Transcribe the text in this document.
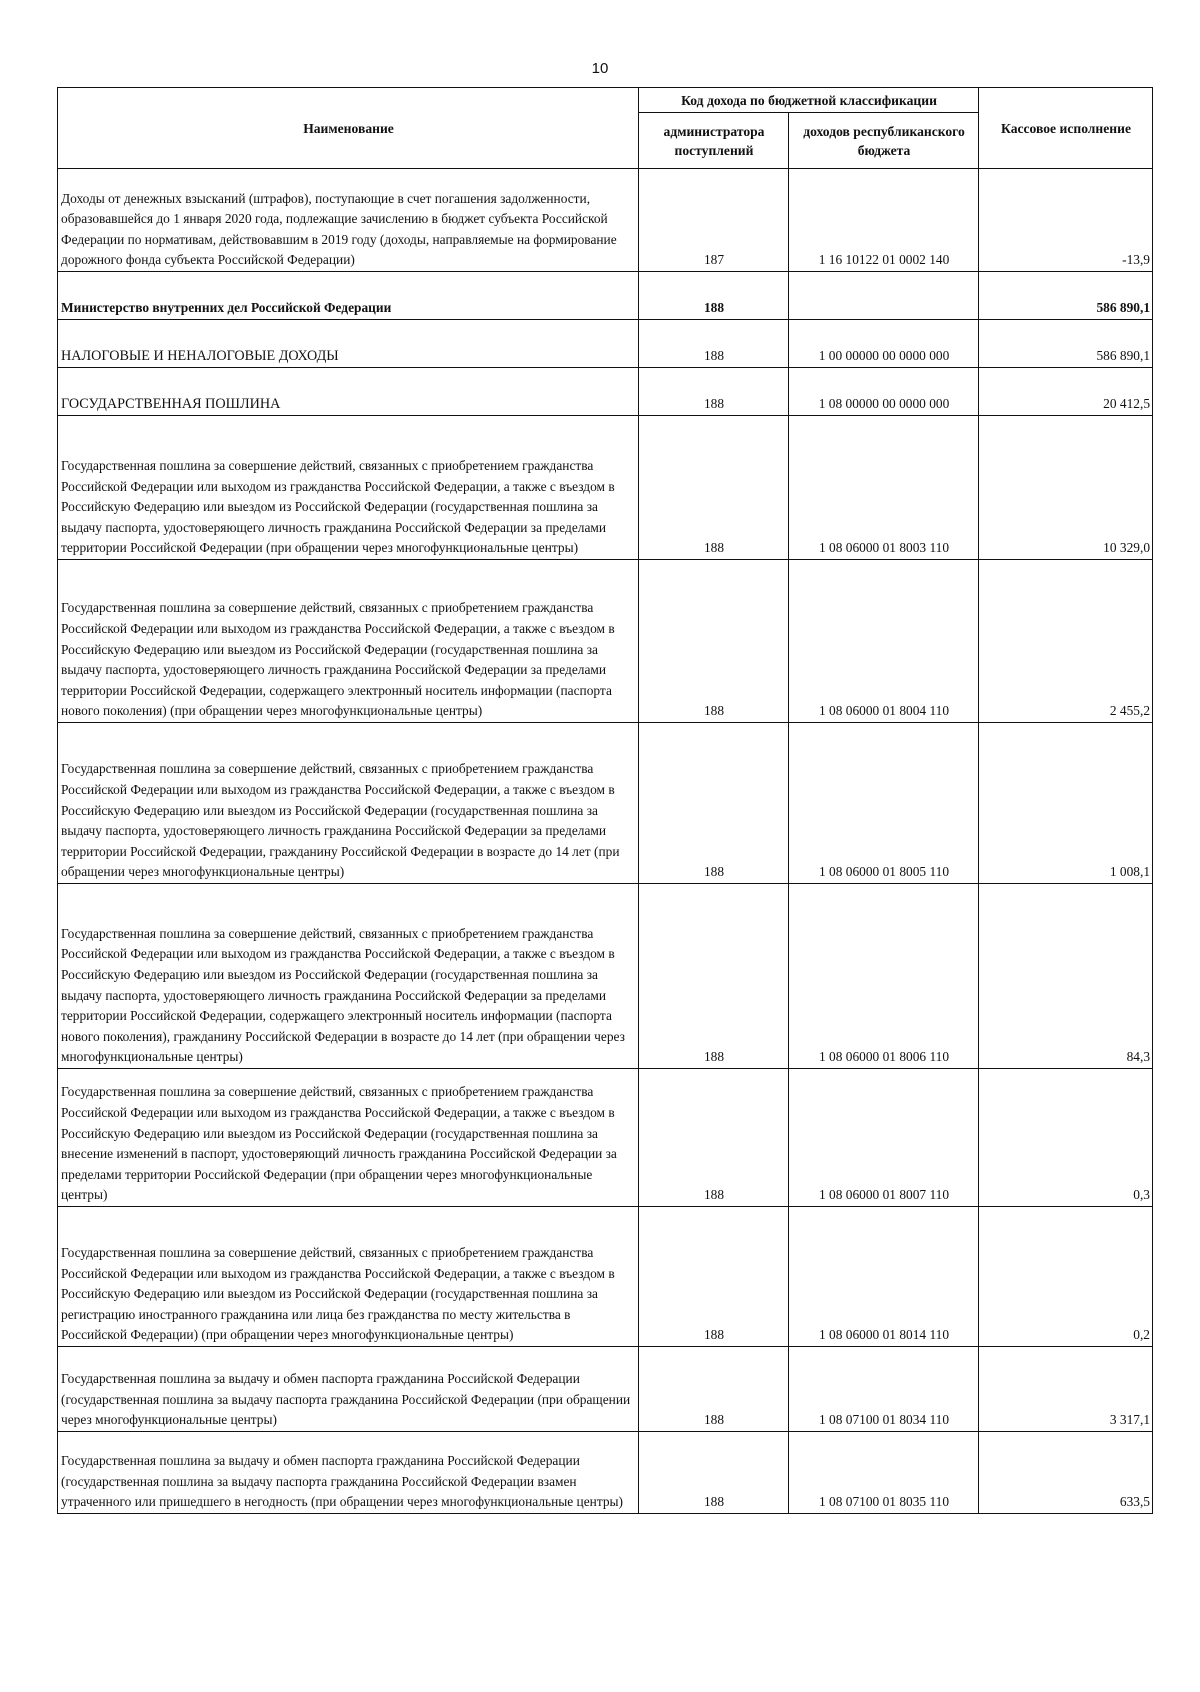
10
Наименование	Код дохода по бюджетной классификации		Кассовое исполнение
	администратора поступлений	доходов республиканского бюджета	
Доходы от денежных взысканий (штрафов), поступающие в счет погашения задолженности, образовавшейся до 1 января 2020 года, подлежащие зачислению в бюджет субъекта Российской Федерации по нормативам, действовавшим в 2019 году (доходы, направляемые на формирование дорожного фонда субъекта Российской Федерации)	187	1 16 10122 01 0002 140	-13,9
Министерство внутренних дел Российской Федерации	188		586 890,1
НАЛОГОВЫЕ И НЕНАЛОГОВЫЕ ДОХОДЫ	188	1 00 00000 00 0000 000	586 890,1
ГОСУДАРСТВЕННАЯ ПОШЛИНА	188	1 08 00000 00 0000 000	20 412,5
Государственная пошлина за совершение действий, связанных с приобретением гражданства Российской Федерации или выходом из гражданства Российской Федерации, а также с въездом в Российскую Федерацию или выездом из Российской Федерации (государственная пошлина за выдачу паспорта, удостоверяющего личность гражданина Российской Федерации за пределами территории Российской Федерации (при обращении через многофункциональные центры)	188	1 08 06000 01 8003 110	10 329,0
Государственная пошлина за совершение действий, связанных с приобретением гражданства Российской Федерации или выходом из гражданства Российской Федерации, а также с въездом в Российскую Федерацию или выездом из Российской Федерации (государственная пошлина за выдачу паспорта, удостоверяющего личность гражданина Российской Федерации за пределами территории Российской Федерации, содержащего электронный носитель информации (паспорта нового поколения) (при обращении через многофункциональные центры)	188	1 08 06000 01 8004 110	2 455,2
Государственная пошлина за совершение действий, связанных с приобретением гражданства Российской Федерации или выходом из гражданства Российской Федерации, а также с въездом в Российскую Федерацию или выездом из Российской Федерации (государственная пошлина за выдачу паспорта, удостоверяющего личность гражданина Российской Федерации за пределами территории Российской Федерации, гражданину Российской Федерации в возрасте до 14 лет (при обращении через многофункциональные центры)	188	1 08 06000 01 8005 110	1 008,1
Государственная пошлина за совершение действий, связанных с приобретением гражданства Российской Федерации или выходом из гражданства Российской Федерации, а также с въездом в Российскую Федерацию или выездом из Российской Федерации (государственная пошлина за выдачу паспорта, удостоверяющего личность гражданина Российской Федерации за пределами территории Российской Федерации, содержащего электронный носитель информации (паспорта нового поколения), гражданину Российской Федерации в возрасте до 14 лет (при обращении через многофункциональные центры)	188	1 08 06000 01 8006 110	84,3
Государственная пошлина за совершение действий, связанных с приобретением гражданства Российской Федерации или выходом из гражданства Российской Федерации, а также с въездом в Российскую Федерацию или выездом из Российской Федерации (государственная пошлина за внесение изменений в паспорт, удостоверяющий личность гражданина Российской Федерации за пределами территории Российской Федерации (при обращении через многофункциональные центры)	188	1 08 06000 01 8007 110	0,3
Государственная пошлина за совершение действий, связанных с приобретением гражданства Российской Федерации или выходом из гражданства Российской Федерации, а также с въездом в Российскую Федерацию или выездом из Российской Федерации (государственная пошлина за регистрацию иностранного гражданина или лица без гражданства по месту жительства в Российской Федерации) (при обращении через многофункциональные центры)	188	1 08 06000 01 8014 110	0,2
Государственная пошлина за выдачу и обмен паспорта гражданина Российской Федерации (государственная пошлина за выдачу паспорта гражданина Российской Федерации (при обращении через многофункциональные центры)	188	1 08 07100 01 8034 110	3 317,1
Государственная пошлина за выдачу и обмен паспорта гражданина Российской Федерации (государственная пошлина за выдачу паспорта гражданина Российской Федерации взамен утраченного или пришедшего в негодность (при обращении через многофункциональные центры)	188	1 08 07100 01 8035 110	633,5
